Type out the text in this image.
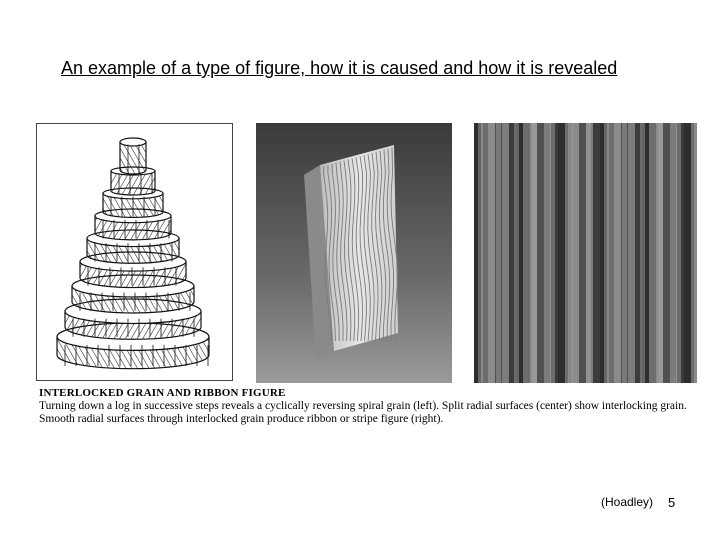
An example of a type of figure, how it is caused and how it is revealed
INTERLOCKED GRAIN AND RIBBON FIGURE
Turning down a log in successive steps reveals a cyclically reversing spiral grain (left). Split radial surfaces (center) show interlocking grain. Smooth radial surfaces through interlocked grain produce ribbon or stripe figure (right).
(Hoadley) 5
